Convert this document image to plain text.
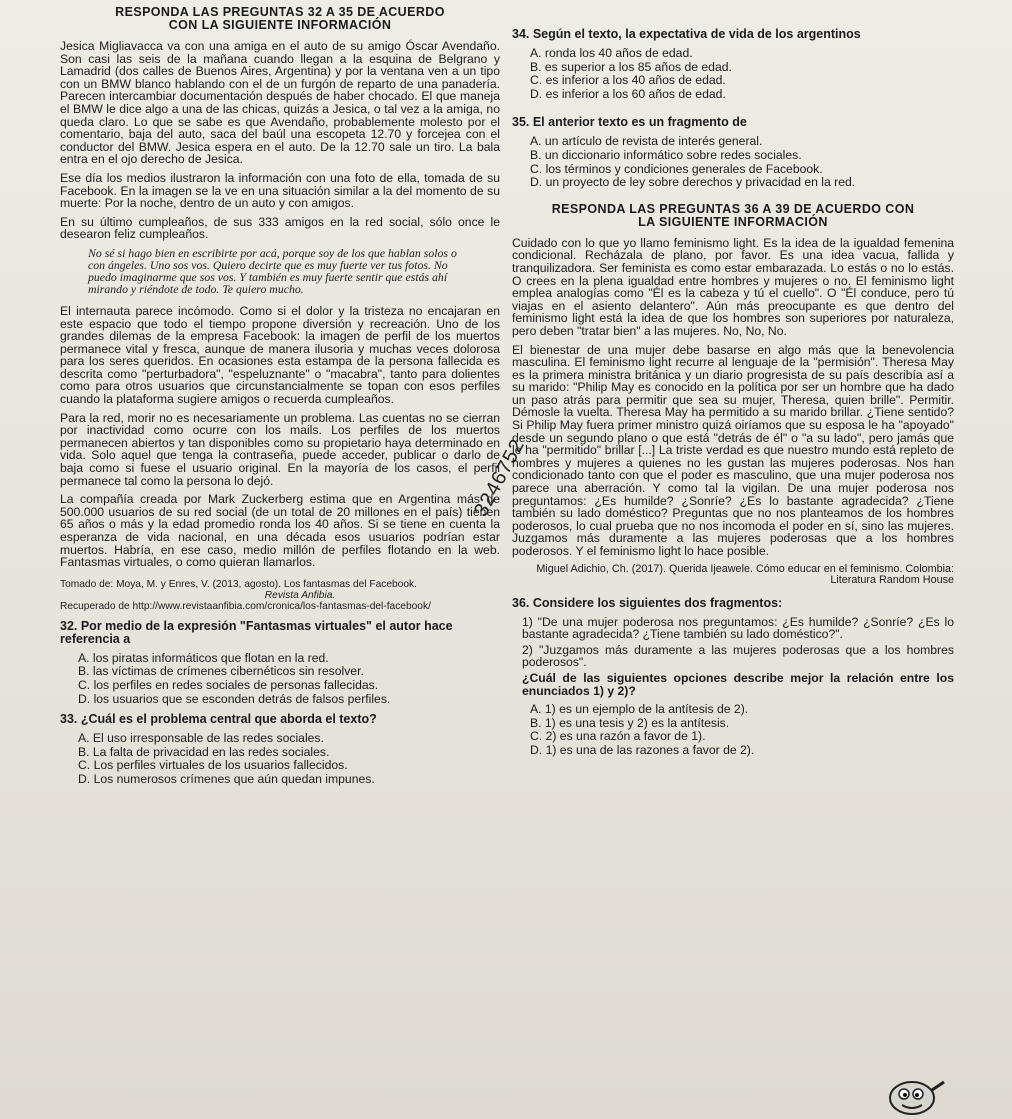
RESPONDA LAS PREGUNTAS 32 A 35 DE ACUERDO
CON LA SIGUIENTE INFORMACIÓN

Jesica Migliavacca va con una amiga en el auto de su amigo Óscar Avendaño. Son casi las seis de la mañana cuando llegan a la esquina de Belgrano y Lamadrid (dos calles de Buenos Aires, Argentina) y por la ventana ven a un tipo con un BMW blanco hablando con el de un furgón de reparto de una panadería. Parecen intercambiar documentación después de haber chocado. El que maneja el BMW le dice algo a una de las chicas, quizás a Jesica, o tal vez a la amiga, no queda claro. Lo que se sabe es que Avendaño, probablemente molesto por el comentario, baja del auto, saca del baúl una escopeta 12.70 y forcejea con el conductor del BMW. Jesica espera en el auto. De la 12.70 sale un tiro. La bala entra en el ojo derecho de Jesica.

Ese día los medios ilustraron la información con una foto de ella, tomada de su Facebook. En la imagen se la ve en una situación similar a la del momento de su muerte: Por la noche, dentro de un auto y con amigos.

En su último cumpleaños, de sus 333 amigos en la red social, sólo once le desearon feliz cumpleaños.

No sé si hago bien en escribirte por acá, porque soy de los que hablan solos o con ángeles. Uno sos vos. Quiero decirte que es muy fuerte ver tus fotos. No puedo imaginarme que sos vos. Y también es muy fuerte sentir que estás ahí mirando y riéndote de todo. Te quiero mucho.

El internauta parece incómodo. Como si el dolor y la tristeza no encajaran en este espacio que todo el tiempo propone diversión y recreación. Uno de los grandes dilemas de la empresa Facebook: la imagen de perfil de los muertos permanece vital y fresca, aunque de manera ilusoria y muchas veces dolorosa para los seres queridos. En ocasiones esta estampa de la persona fallecida es descrita como "perturbadora", "espeluznante" o "macabra", tanto para dolientes como para otros usuarios que circunstancialmente se topan con esos perfiles cuando la plataforma sugiere amigos o recuerda cumpleaños.

Para la red, morir no es necesariamente un problema. Las cuentas no se cierran por inactividad como ocurre con los mails. Los perfiles de los muertos permanecen abiertos y tan disponibles como su propietario haya determinado en vida. Solo aquel que tenga la contraseña, puede acceder, publicar o darlo de baja como si fuese el usuario original. En la mayoría de los casos, el perfil permanece tal como la persona lo dejó.

La compañía creada por Mark Zuckerberg estima que en Argentina más de 500.000 usuarios de su red social (de un total de 20 millones en el país) tienen 65 años o más y la edad promedio ronda los 40 años. Si se tiene en cuenta la esperanza de vida nacional, en una década esos usuarios podrían estar muertos. Habría, en ese caso, medio millón de perfiles flotando en la web. Fantasmas virtuales, o como quieran llamarlos.

Tomado de: Moya, M. y Enres, V. (2013, agosto). Los fantasmas del Facebook.
Revista Anfibia.
Recuperado de http://www.revistaanfibia.com/cronica/los-fantasmas-del-facebook/
32. Por medio de la expresión "Fantasmas virtuales" el autor hace referencia a
A. los piratas informáticos que flotan en la red.
B. las víctimas de crímenes cibernéticos sin resolver.
C. los perfiles en redes sociales de personas fallecidas.
D. los usuarios que se esconden detrás de falsos perfiles.
33. ¿Cuál es el problema central que aborda el texto?
A. El uso irresponsable de las redes sociales.
B. La falta de privacidad en las redes sociales.
C. Los perfiles virtuales de los usuarios fallecidos.
D. Los numerosos crímenes que aún quedan impunes.
3246752
34. Según el texto, la expectativa de vida de los argentinos
A. ronda los 40 años de edad.
B. es superior a los 85 años de edad.
C. es inferior a los 40 años de edad.
D. es inferior a los 60 años de edad.
35. El anterior texto es un fragmento de
A. un artículo de revista de interés general.
B. un diccionario informático sobre redes sociales.
C. los términos y condiciones generales de Facebook.
D. un proyecto de ley sobre derechos y privacidad en la red.
RESPONDA LAS PREGUNTAS 36 A 39 DE ACUERDO CON
LA SIGUIENTE INFORMACIÓN

Cuidado con lo que yo llamo feminismo light. Es la idea de la igualdad femenina condicional. Recházala de plano, por favor. Es una idea vacua, fallida y tranquilizadora. Ser feminista es como estar embarazada. Lo estás o no lo estás. O crees en la plena igualdad entre hombres y mujeres o no. El feminismo light emplea analogías como "Él es la cabeza y tú el cuello". O "Él conduce, pero tú viajas en el asiento delantero". Aún más preocupante es que dentro del feminismo light está la idea de que los hombres son superiores por naturaleza, pero deben "tratar bien" a las mujeres. No, No, No.

El bienestar de una mujer debe basarse en algo más que la benevolencia masculina. El feminismo light recurre al lenguaje de la "permisión". Theresa May es la primera ministra británica y un diario progresista de su país describía así a su marido: "Philip May es conocido en la política por ser un hombre que ha dado un paso atrás para permitir que sea su mujer, Theresa, quien brille". Permitir. Démosle la vuelta. Theresa May ha permitido a su marido brillar. ¿Tiene sentido? Si Philip May fuera primer ministro quizá oiríamos que su esposa le ha "apoyado" desde un segundo plano o que está "detrás de él" o "a su lado", pero jamás que le ha "permitido" brillar [...] La triste verdad es que nuestro mundo está repleto de hombres y mujeres a quienes no les gustan las mujeres poderosas. Nos han condicionado tanto con que el poder es masculino, que una mujer poderosa nos parece una aberración. Y como tal la vigilan. De una mujer poderosa nos preguntamos: ¿Es humilde? ¿Sonríe? ¿Es lo bastante agradecida? ¿Tiene también su lado doméstico? Preguntas que no nos planteamos de los hombres poderosos, lo cual prueba que no nos incomoda el poder en sí, sino las mujeres. Juzgamos más duramente a las mujeres poderosas que a los hombres poderosos. Y el feminismo light lo hace posible.

Miguel Adichio, Ch. (2017). Querida Ijeawele. Cómo educar en el feminismo. Colombia: Literatura Random House
36. Considere los siguientes dos fragmentos:

1) "De una mujer poderosa nos preguntamos: ¿Es humilde? ¿Sonríe? ¿Es lo bastante agradecida? ¿Tiene también su lado doméstico?".

2) "Juzgamos más duramente a las mujeres poderosas que a los hombres poderosos".

¿Cuál de las siguientes opciones describe mejor la relación entre los enunciados 1) y 2)?

A. 1) es un ejemplo de la antítesis de 2).
B. 1) es una tesis y 2) es la antítesis.
C. 2) es una razón a favor de 1).
D. 1) es una de las razones a favor de 2).
